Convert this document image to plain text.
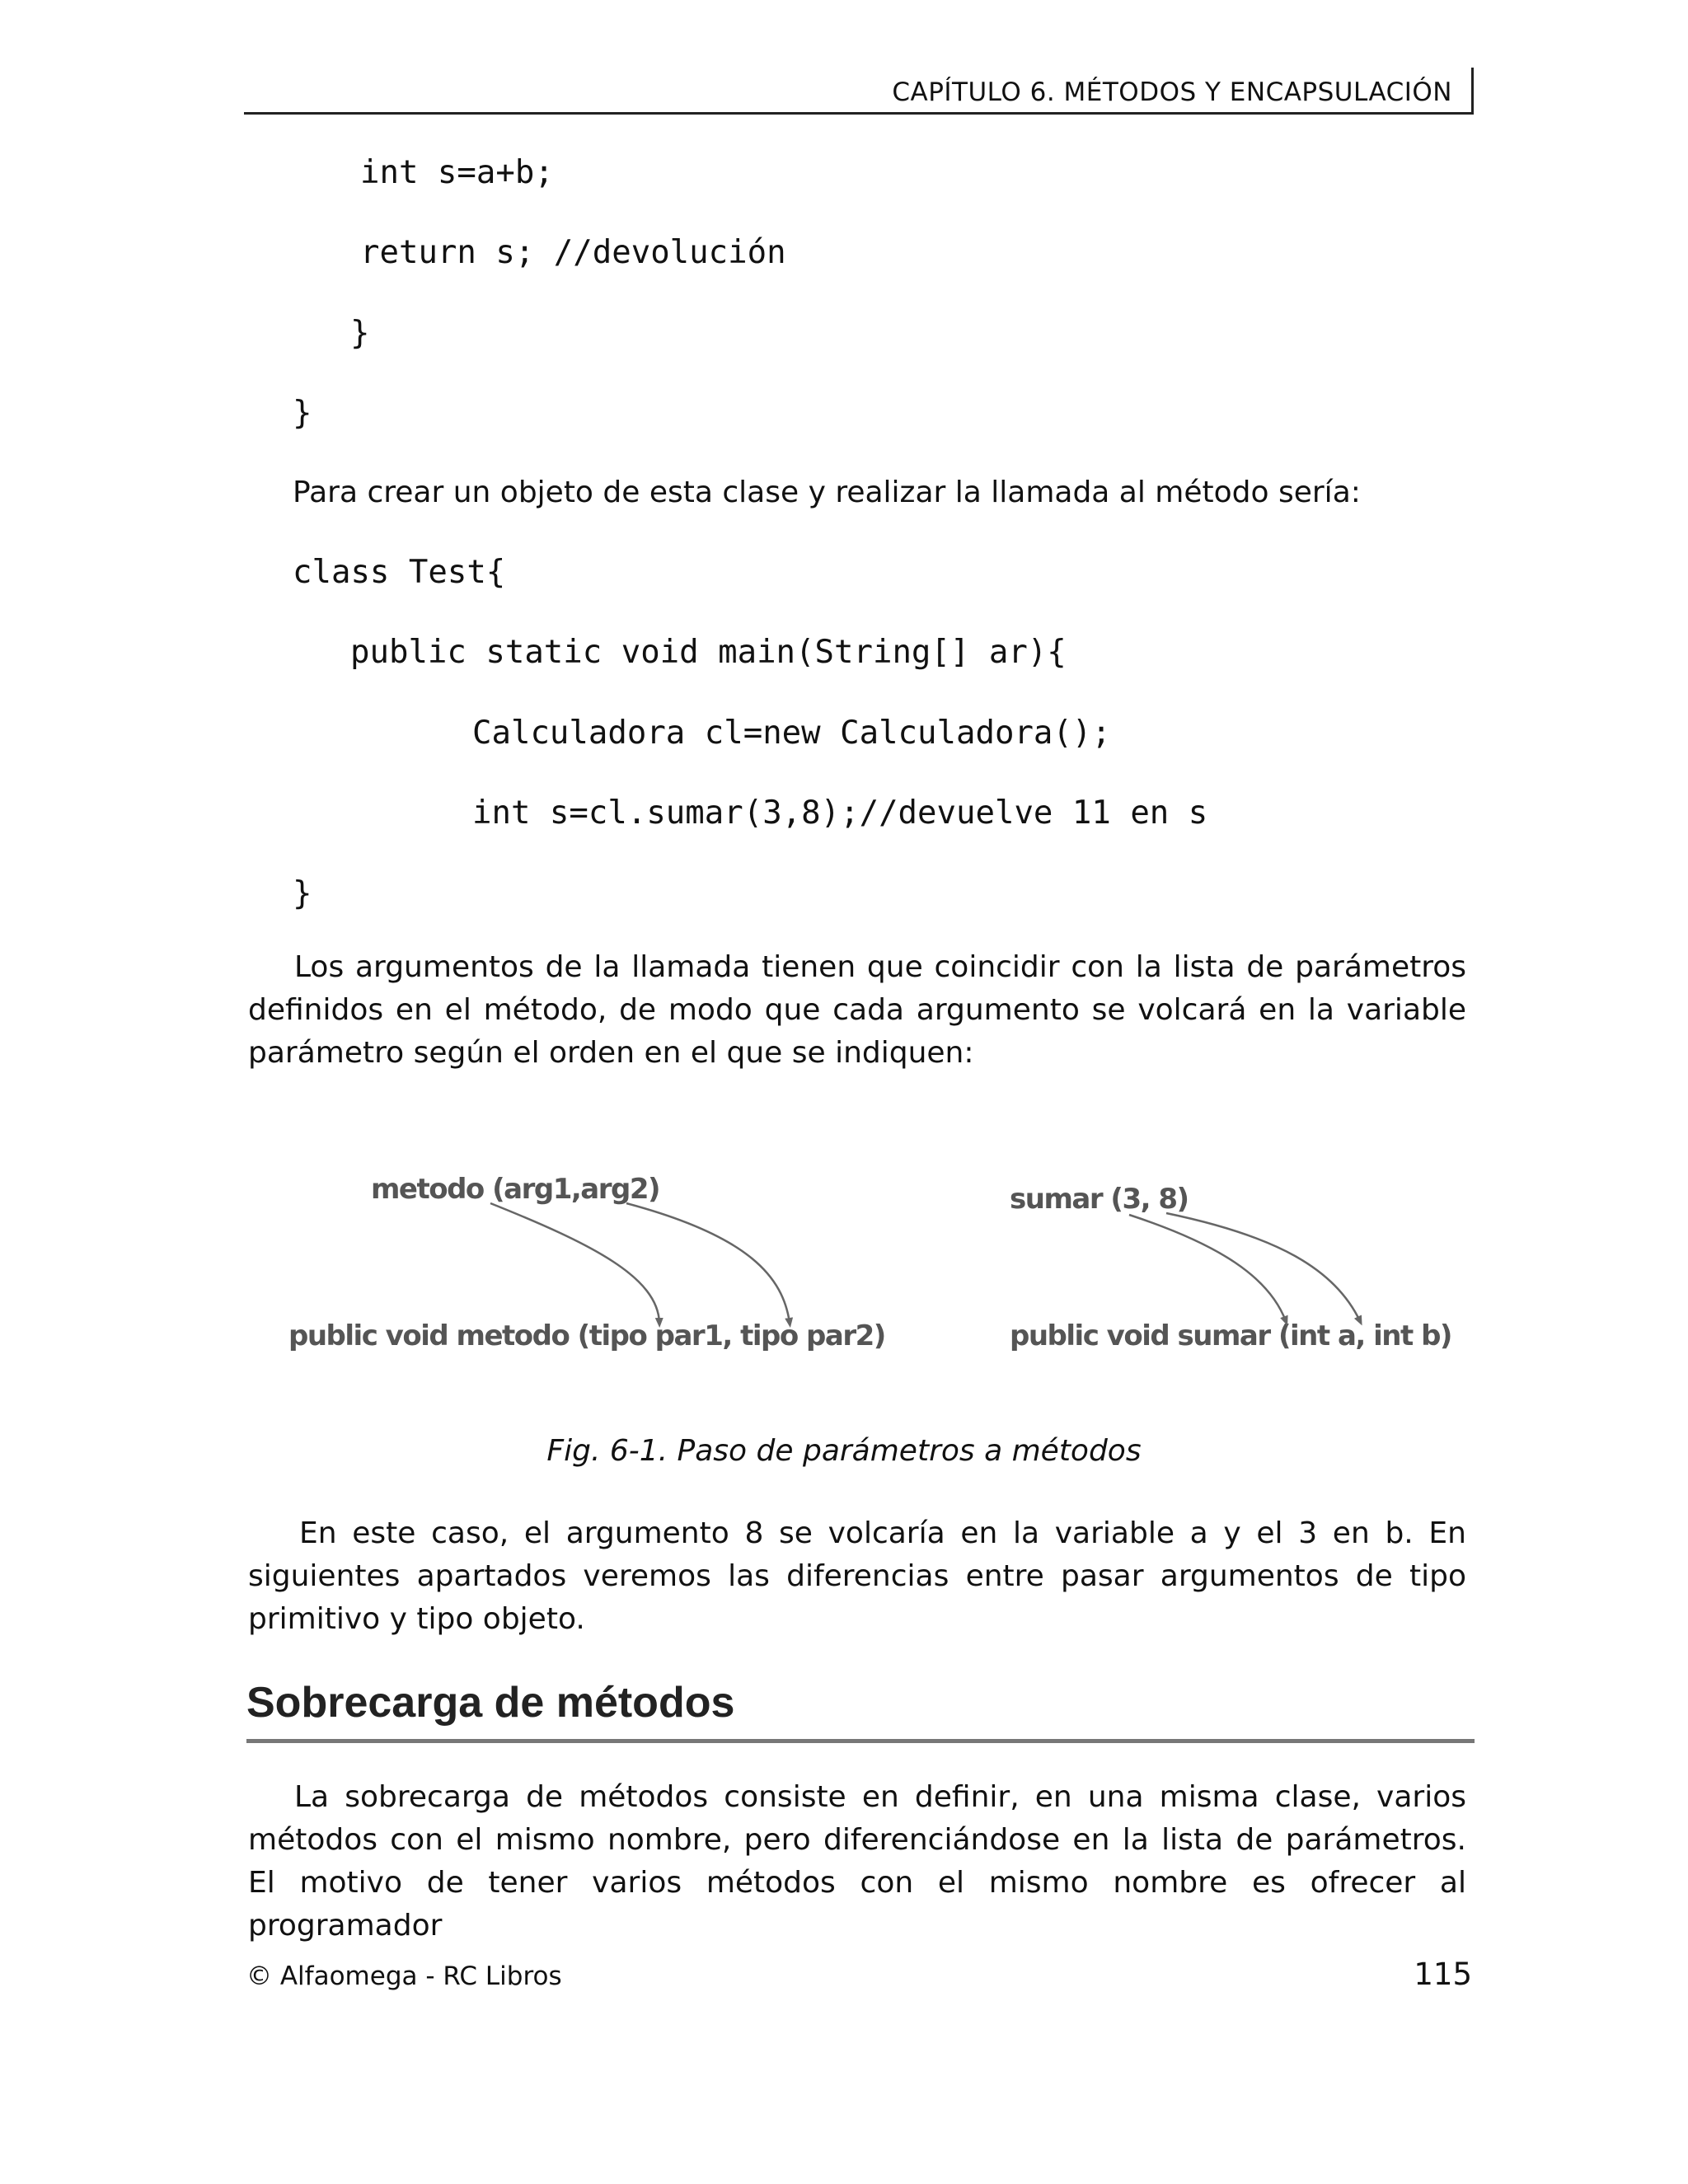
CAPÍTULO 6. MÉTODOS Y ENCAPSULACIÓN
int s=a+b;
return s; //devolución
}
}
Para crear un objeto de esta clase y realizar la llamada al método sería:
class Test{
public static void main(String[] ar){
Calculadora cl=new Calculadora();
int s=cl.sumar(3,8);//devuelve 11 en s
}
Los argumentos de la llamada tienen que coincidir con la lista de parámetros definidos en el método, de modo que cada argumento se volcará en la variable parámetro según el orden en el que se indiquen:
metodo (arg1,arg2)
public void metodo (tipo par1, tipo par2)
sumar (3, 8)
public void sumar (int a, int b)
Fig. 6-1. Paso de parámetros a métodos
En este caso, el argumento 8 se volcaría en la variable a y el 3 en b. En siguientes apartados veremos las diferencias entre pasar argumentos de tipo primitivo y tipo objeto.
Sobrecarga de métodos
La sobrecarga de métodos consiste en definir, en una misma clase, varios métodos con el mismo nombre, pero diferenciándose en la lista de parámetros. El motivo de tener varios métodos con el mismo nombre es ofrecer al programador
© Alfaomega - RC Libros	115
